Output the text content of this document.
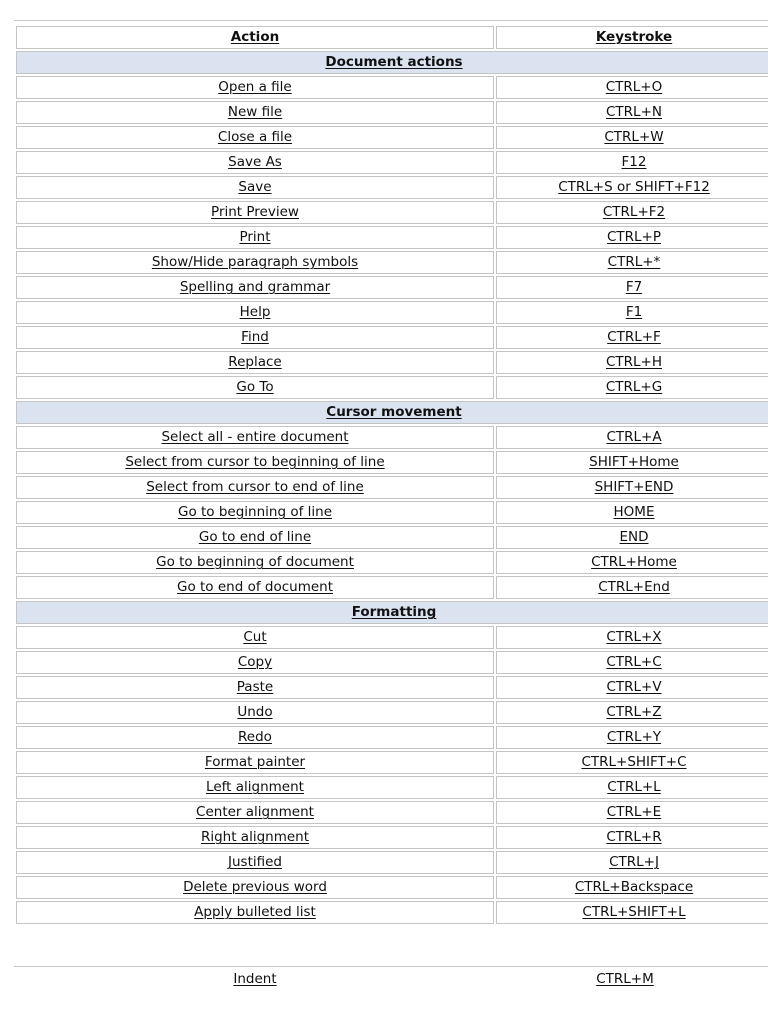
Action	Keystroke
Document actions	
Open a file	CTRL+O
New file	CTRL+N
Close a file	CTRL+W
Save As	F12
Save	CTRL+S or SHIFT+F12
Print Preview	CTRL+F2
Print	CTRL+P
Show/Hide paragraph symbols	CTRL+*
Spelling and grammar	F7
Help	F1
Find	CTRL+F
Replace	CTRL+H
Go To	CTRL+G
Cursor movement	
Select all - entire document	CTRL+A
Select from cursor to beginning of line	SHIFT+Home
Select from cursor to end of line	SHIFT+END
Go to beginning of line	HOME
Go to end of line	END
Go to beginning of document	CTRL+Home
Go to end of document	CTRL+End
Formatting	
Cut	CTRL+X
Copy	CTRL+C
Paste	CTRL+V
Undo	CTRL+Z
Redo	CTRL+Y
Format painter	CTRL+SHIFT+C
Left alignment	CTRL+L
Center alignment	CTRL+E
Right alignment	CTRL+R
Justified	CTRL+J
Delete previous word	CTRL+Backspace
Apply bulleted list	CTRL+SHIFT+L
Indent	CTRL+M
